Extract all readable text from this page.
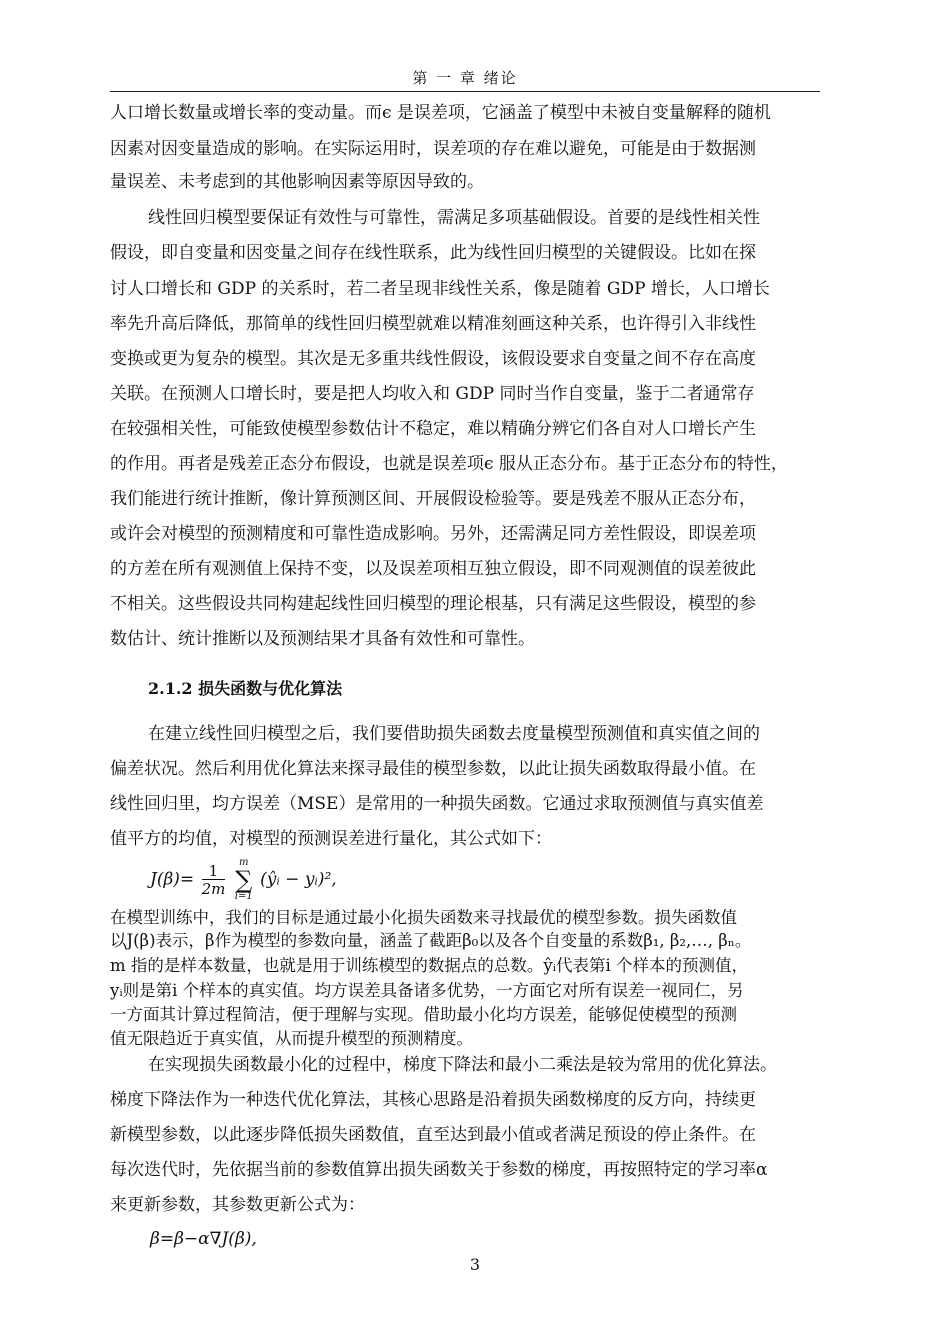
第 一 章 绪论
人口增长数量或增长率的变动量。而ϵ 是误差项，它涵盖了模型中未被自变量解释的随机
因素对因变量造成的影响。在实际运用时，误差项的存在难以避免，可能是由于数据测
量误差、未考虑到的其他影响因素等原因导致的。
线性回归模型要保证有效性与可靠性，需满足多项基础假设。首要的是线性相关性
假设，即自变量和因变量之间存在线性联系，此为线性回归模型的关键假设。比如在探
讨人口增长和 GDP 的关系时，若二者呈现非线性关系，像是随着 GDP 增长，人口增长
率先升高后降低，那简单的线性回归模型就难以精准刻画这种关系，也许得引入非线性
变换或更为复杂的模型。其次是无多重共线性假设，该假设要求自变量之间不存在高度
关联。在预测人口增长时，要是把人均收入和 GDP 同时当作自变量，鉴于二者通常存
在较强相关性，可能致使模型参数估计不稳定，难以精确分辨它们各自对人口增长产生
的作用。再者是残差正态分布假设，也就是误差项ϵ 服从正态分布。基于正态分布的特性，
我们能进行统计推断，像计算预测区间、开展假设检验等。要是残差不服从正态分布，
或许会对模型的预测精度和可靠性造成影响。另外，还需满足同方差性假设，即误差项
的方差在所有观测值上保持不变，以及误差项相互独立假设，即不同观测值的误差彼此
不相关。这些假设共同构建起线性回归模型的理论根基，只有满足这些假设，模型的参
数估计、统计推断以及预测结果才具备有效性和可靠性。
2.1.2 损失函数与优化算法
在建立线性回归模型之后，我们要借助损失函数去度量模型预测值和真实值之间的
偏差状况。然后利用优化算法来探寻最佳的模型参数，以此让损失函数取得最小值。在
线性回归里，均方误差（MSE）是常用的一种损失函数。它通过求取预测值与真实值差
值平方的均值，对模型的预测误差进行量化，其公式如下：
$J(\beta)= \frac{1}{2m}$
	m
∑
i=1
(ŷᵢ − yᵢ)²,
在模型训练中，我们的目标是通过最小化损失函数来寻找最优的模型参数。损失函数值
以J(β)表示，β作为模型的参数向量，涵盖了截距β₀以及各个自变量的系数β₁, β₂,…, βₙ。
m 指的是样本数量，也就是用于训练模型的数据点的总数。ŷᵢ代表第i 个样本的预测值，
yᵢ则是第i 个样本的真实值。均方误差具备诸多优势，一方面它对所有误差一视同仁，另
一方面其计算过程简洁，便于理解与实现。借助最小化均方误差，能够促使模型的预测
值无限趋近于真实值，从而提升模型的预测精度。
在实现损失函数最小化的过程中，梯度下降法和最小二乘法是较为常用的优化算法。
梯度下降法作为一种迭代优化算法，其核心思路是沿着损失函数梯度的反方向，持续更
新模型参数，以此逐步降低损失函数值，直至达到最小值或者满足预设的停止条件。在
每次迭代时，先依据当前的参数值算出损失函数关于参数的梯度，再按照特定的学习率α
来更新参数，其参数更新公式为：
β=β−α∇J(β),
3
